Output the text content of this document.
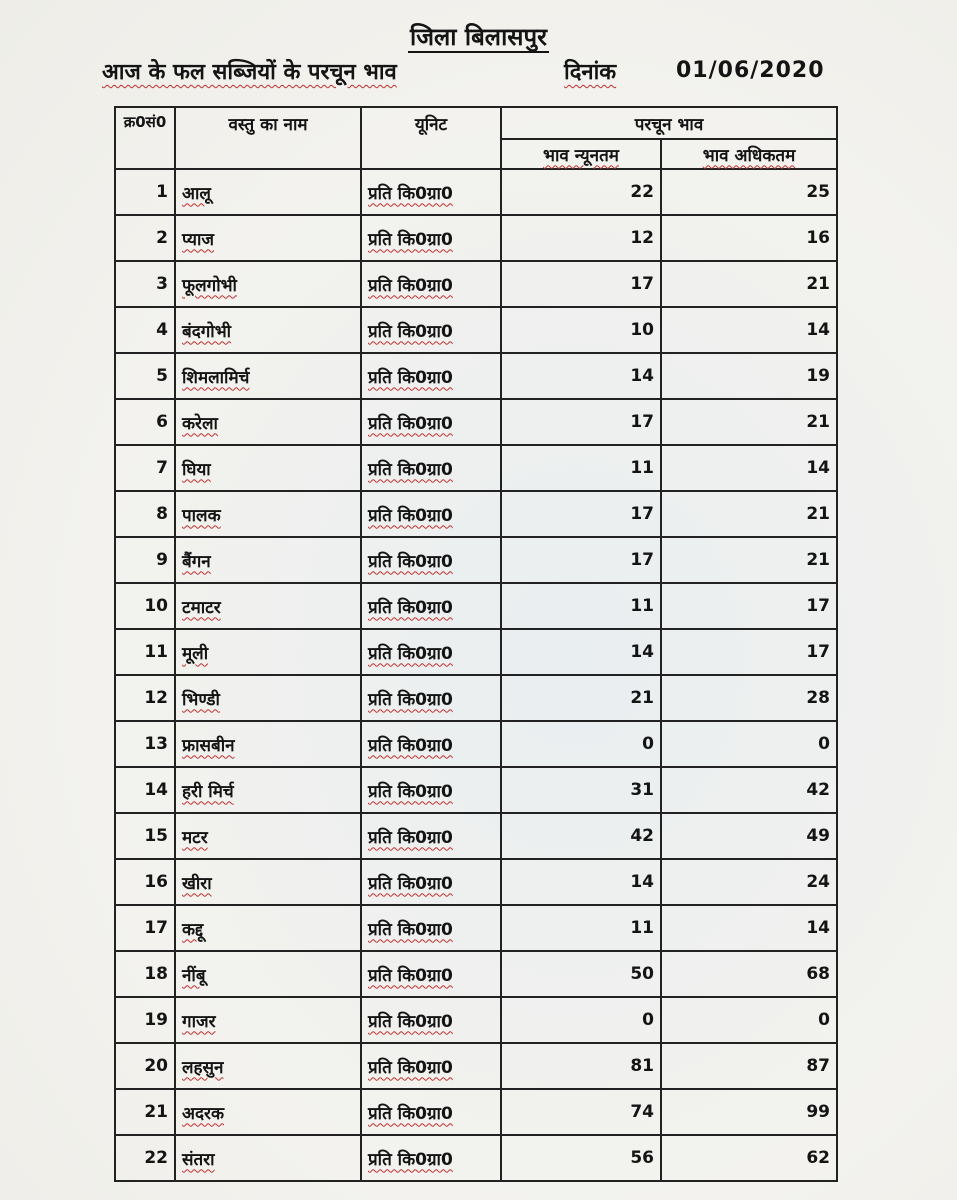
जिला बिलासपुर
आज के फल सब्जियों के परचून भाव	दिनांक	01/06/2020
क्र0सं0	वस्तु का नाम	यूनिट	परचून भाव	
			भाव न्यूनतम	भाव अधिकतम
1	आलू	प्रति कि0ग्रा0	22	25
2	प्याज	प्रति कि0ग्रा0	12	16
3	फूलगोभी	प्रति कि0ग्रा0	17	21
4	बंदगोभी	प्रति कि0ग्रा0	10	14
5	शिमलामिर्च	प्रति कि0ग्रा0	14	19
6	करेला	प्रति कि0ग्रा0	17	21
7	घिया	प्रति कि0ग्रा0	11	14
8	पालक	प्रति कि0ग्रा0	17	21
9	बैंगन	प्रति कि0ग्रा0	17	21
10	टमाटर	प्रति कि0ग्रा0	11	17
11	मूली	प्रति कि0ग्रा0	14	17
12	भिण्डी	प्रति कि0ग्रा0	21	28
13	फ्रासबीन	प्रति कि0ग्रा0	0	0
14	हरी मिर्च	प्रति कि0ग्रा0	31	42
15	मटर	प्रति कि0ग्रा0	42	49
16	खीरा	प्रति कि0ग्रा0	14	24
17	कद्दू	प्रति कि0ग्रा0	11	14
18	नींबू	प्रति कि0ग्रा0	50	68
19	गाजर	प्रति कि0ग्रा0	0	0
20	लहसुन	प्रति कि0ग्रा0	81	87
21	अदरक	प्रति कि0ग्रा0	74	99
22	संतरा	प्रति कि0ग्रा0	56	62
